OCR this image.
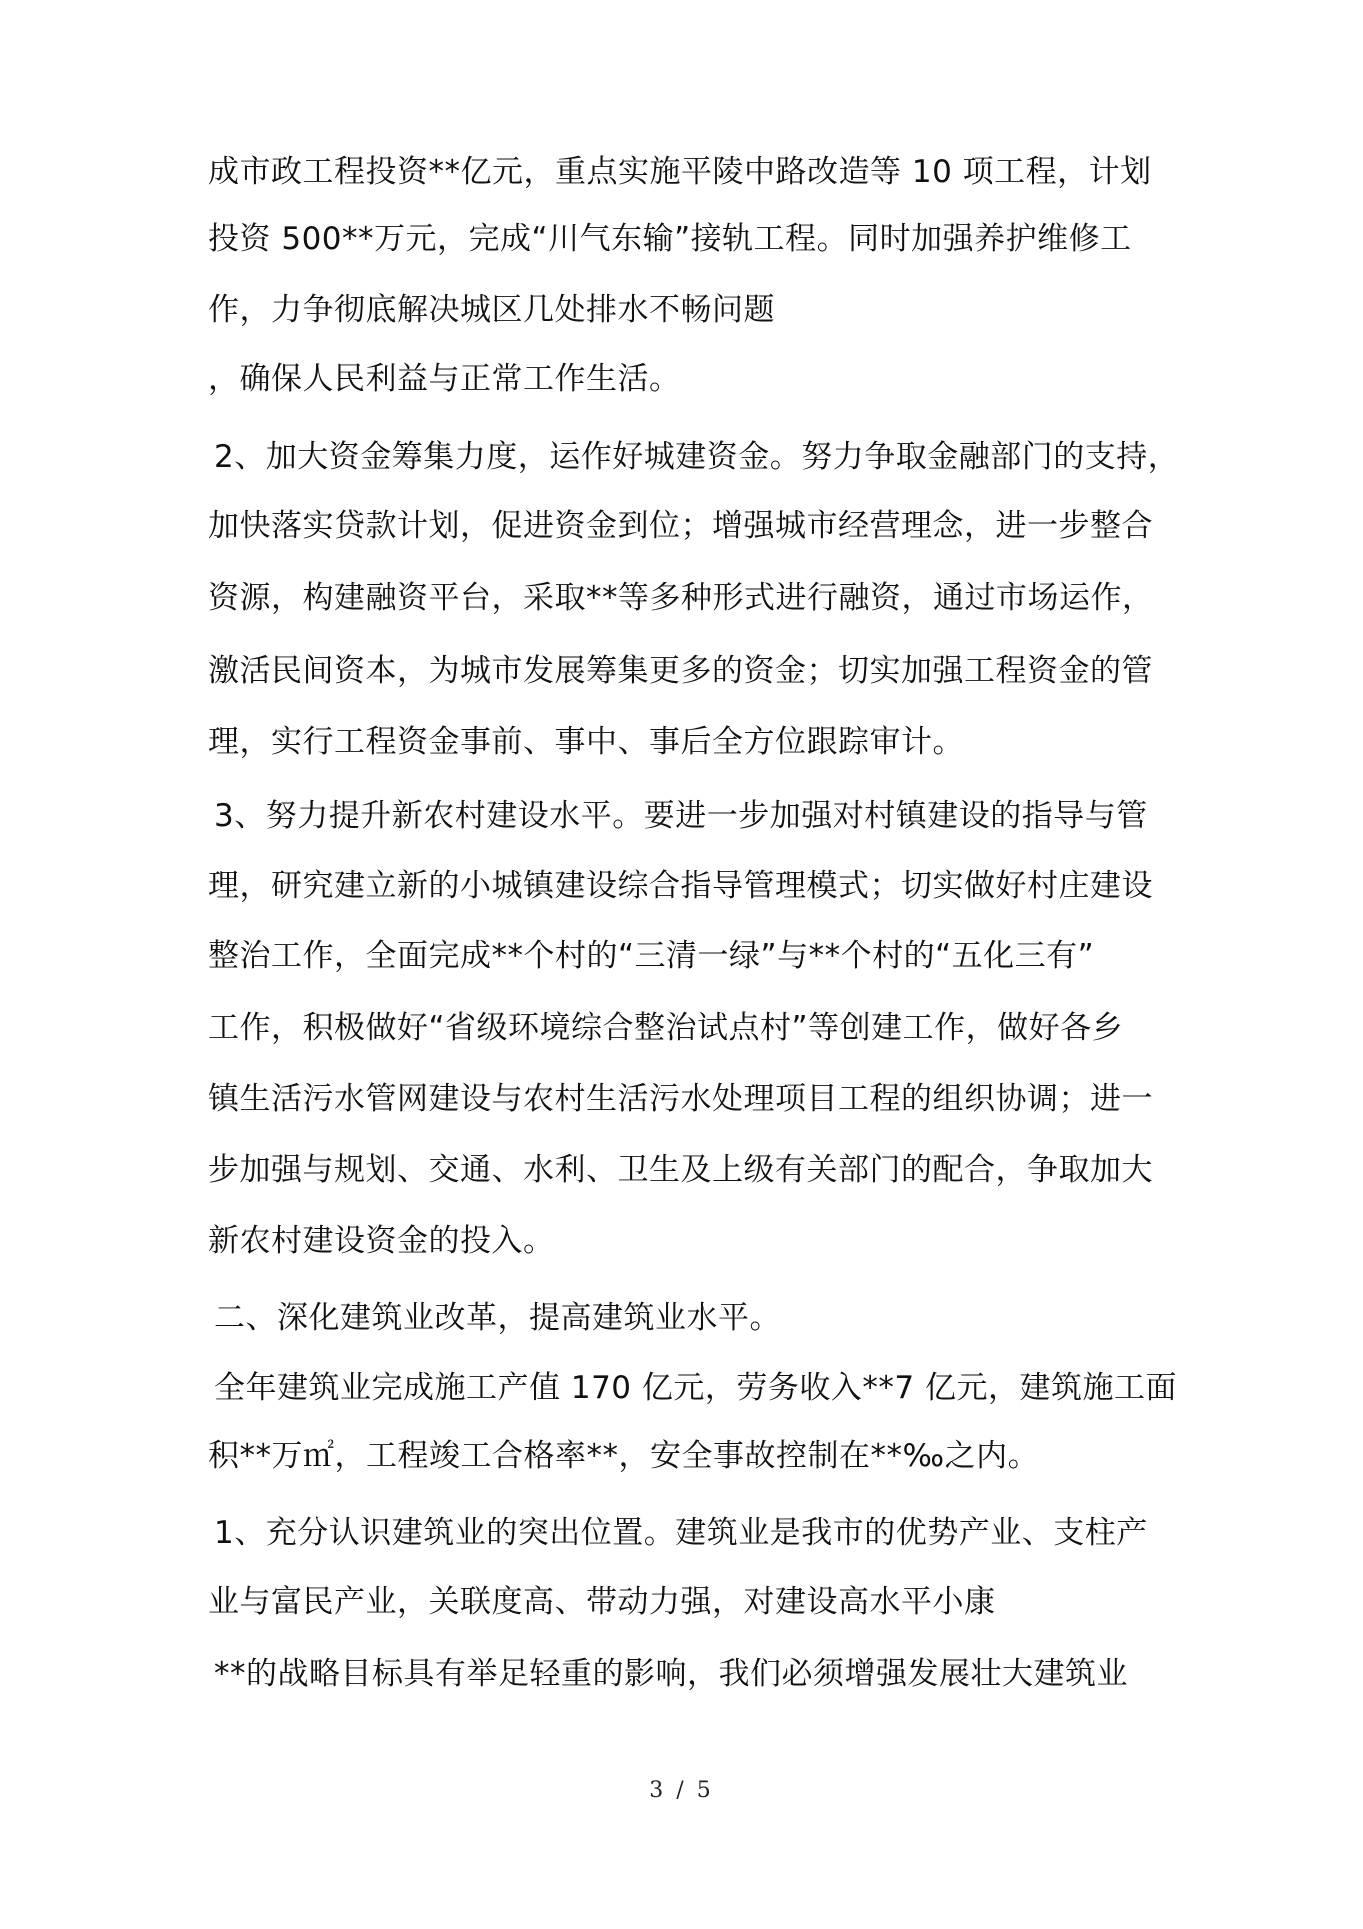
成市政工程投资**亿元，重点实施平陵中路改造等 10 项工程，计划
投资 500**万元，完成“川气东输”接轨工程。同时加强养护维修工
作，力争彻底解决城区几处排水不畅问题
，确保人民利益与正常工作生活。
2、加大资金筹集力度，运作好城建资金。努力争取金融部门的支持，
加快落实贷款计划，促进资金到位；增强城市经营理念，进一步整合
资源，构建融资平台，采取**等多种形式进行融资，通过市场运作，
激活民间资本，为城市发展筹集更多的资金；切实加强工程资金的管
理，实行工程资金事前、事中、事后全方位跟踪审计。
3、努力提升新农村建设水平。要进一步加强对村镇建设的指导与管
理，研究建立新的小城镇建设综合指导管理模式；切实做好村庄建设
整治工作，全面完成**个村的“三清一绿”与**个村的“五化三有”
工作，积极做好“省级环境综合整治试点村”等创建工作，做好各乡
镇生活污水管网建设与农村生活污水处理项目工程的组织协调；进一
步加强与规划、交通、水利、卫生及上级有关部门的配合，争取加大
新农村建设资金的投入。
二、深化建筑业改革，提高建筑业水平。
全年建筑业完成施工产值 170 亿元，劳务收入**7 亿元，建筑施工面
积**万㎡，工程竣工合格率**，安全事故控制在**‰之内。
1、充分认识建筑业的突出位置。建筑业是我市的优势产业、支柱产
业与富民产业，关联度高、带动力强，对建设高水平小康
**的战略目标具有举足轻重的影响，我们必须增强发展壮大建筑业
3 / 5
